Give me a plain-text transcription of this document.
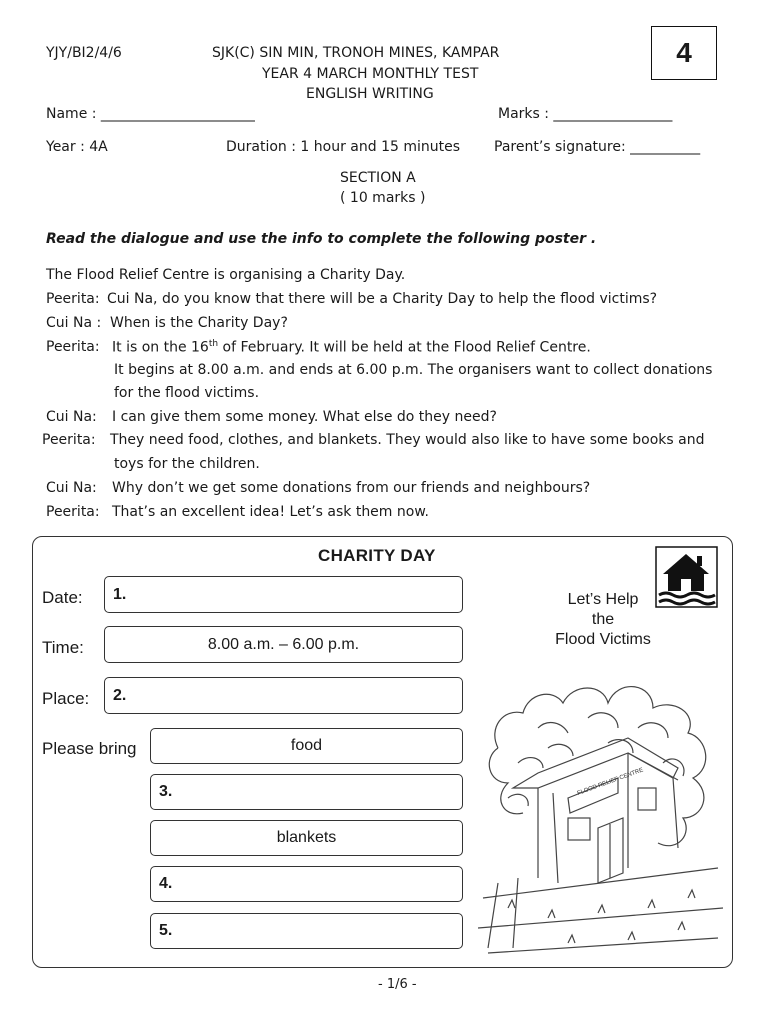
YJY/BI2/4/6	SJK(C) SIN MIN, TRONOH MINES, KAMPAR	4
YEAR 4 MARCH MONTHLY TEST
ENGLISH WRITING
Name : ______________________	Marks : _________________
Year : 4A	Duration : 1 hour and 15 minutes Parent’s signature: __________
SECTION A
( 10 marks )
Read the dialogue and use the info to complete the following poster .
The Flood Relief Centre is organising a Charity Day.
Peerita: Cui Na, do you know that there will be a Charity Day to help the flood victims?
Cui Na : When is the Charity Day?
Peerita: It is on the 16th of February. It will be held at the Flood Relief Centre.
It begins at 8.00 a.m. and ends at 6.00 p.m. The organisers want to collect donations
for the flood victims.
Cui Na: I can give them some money. What else do they need?
Peerita: They need food, clothes, and blankets. They would also like to have some books and
toys for the children.
Cui Na: Why don’t we get some donations from our friends and neighbours?
Peerita: That’s an excellent idea! Let’s ask them now.
CHARITY DAY
Date: 1.
Time:	8.00 a.m. – 6.00 p.m.
Place: 2.
Please bring	food
3.
blankets
4.
5.
Let’s Help
the
Flood Victims
FLOOD RELIEF CENTRE
- 1/6 -
